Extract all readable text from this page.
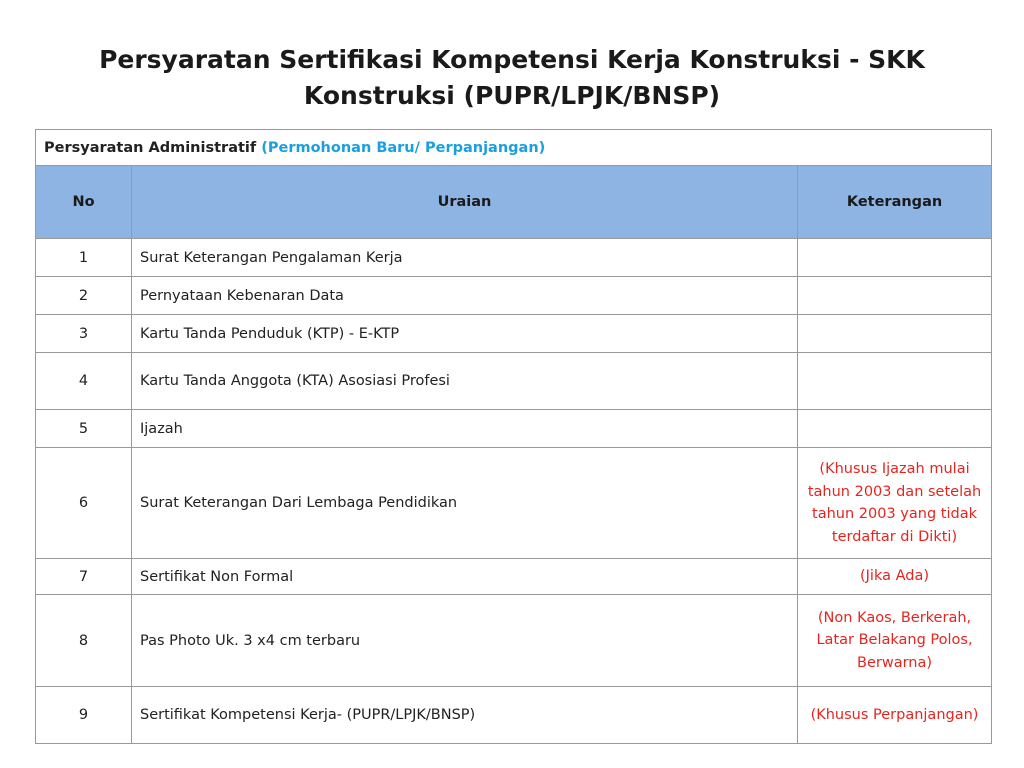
Persyaratan Sertifikasi Kompetensi Kerja Konstruksi - SKK Konstruksi (PUPR/LPJK/BNSP)
Persyaratan Administratif (Permohonan Baru/ Perpanjangan)		
No	Uraian	Keterangan
1	Surat Keterangan Pengalaman Kerja	
2	Pernyataan Kebenaran Data	
3	Kartu Tanda Penduduk (KTP) - E-KTP	
4	Kartu Tanda Anggota (KTA) Asosiasi Profesi	
5	Ijazah	
6	Surat Keterangan Dari Lembaga Pendidikan	(Khusus Ijazah mulai tahun 2003 dan setelah tahun 2003 yang tidak terdaftar di Dikti)
7	Sertifikat Non Formal	(Jika Ada)
8	Pas Photo Uk. 3 x4 cm terbaru	(Non Kaos, Berkerah, Latar Belakang Polos, Berwarna)
9	Sertifikat Kompetensi Kerja- (PUPR/LPJK/BNSP)	(Khusus Perpanjangan)
